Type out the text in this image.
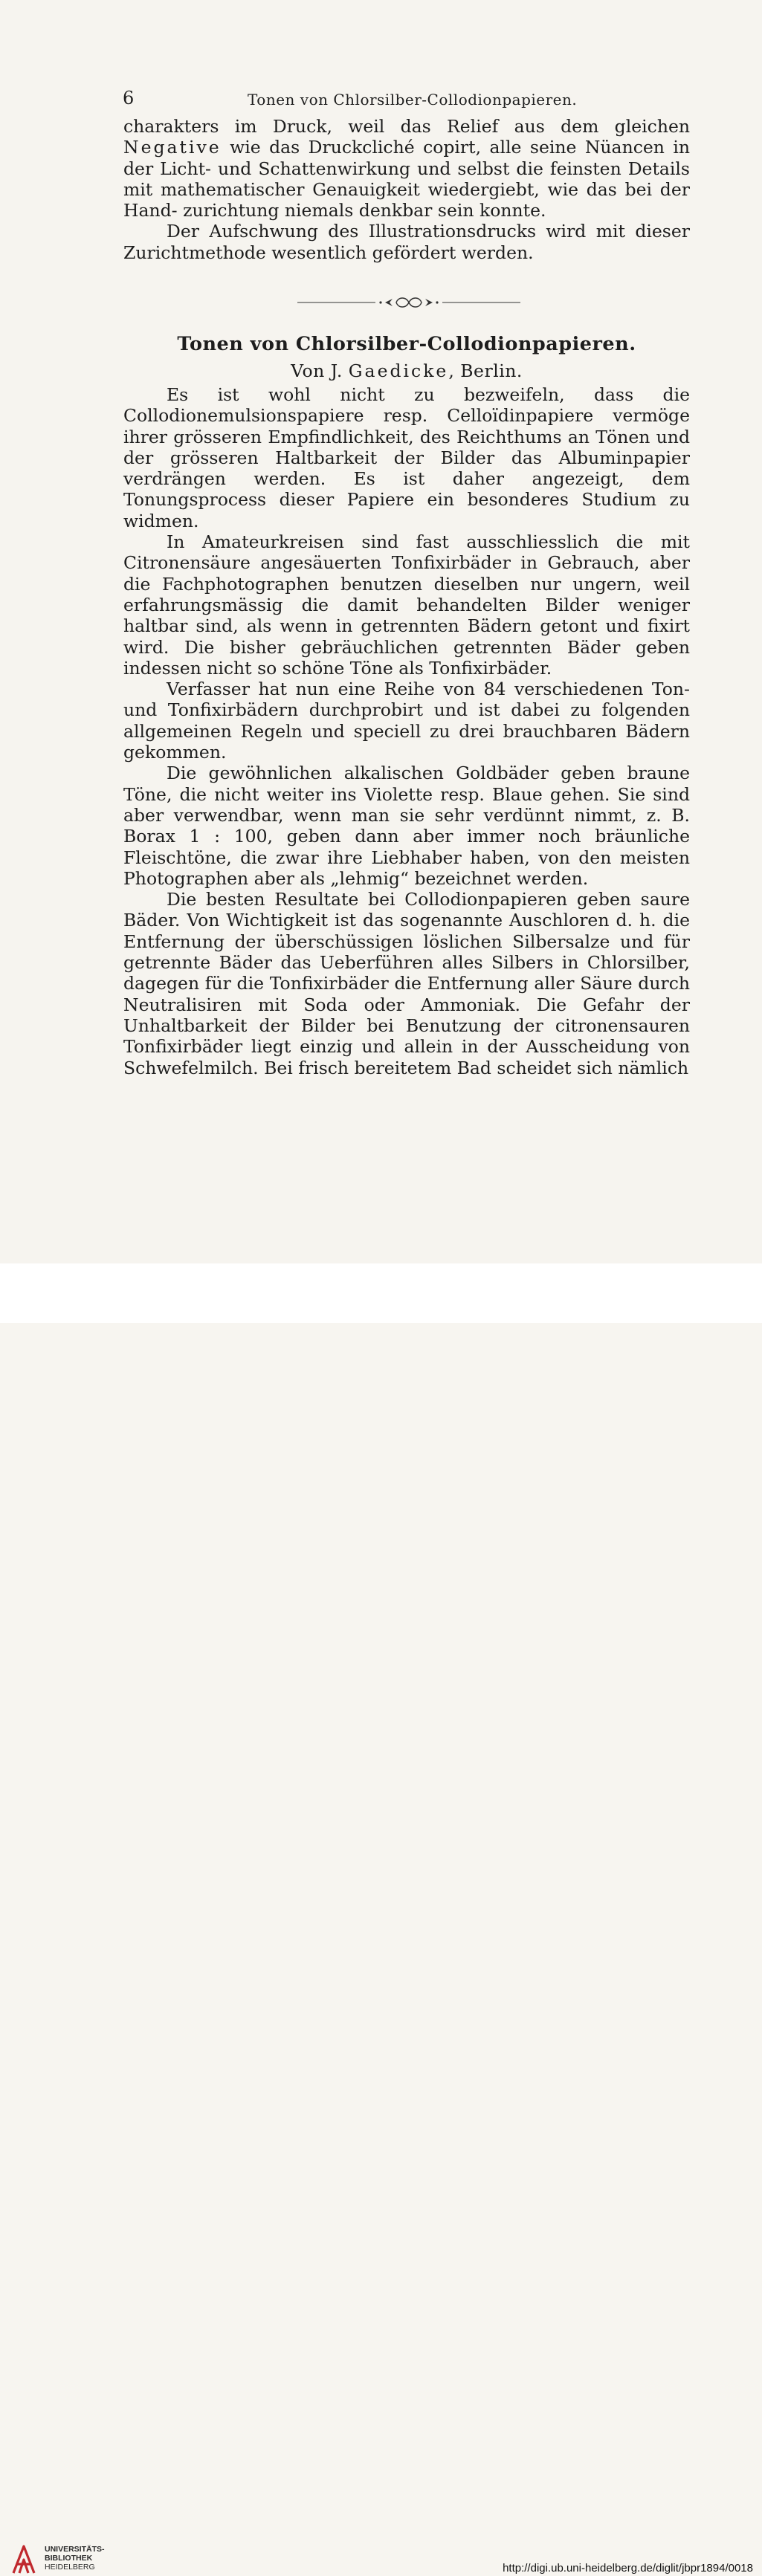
6	Tonen von Chlorsilber-Collodionpapieren.

charakters im Druck, weil das Relief aus dem gleichen Negative wie das Druckcliché copirt, alle seine Nüancen in der Licht- und Schattenwirkung und selbst die feinsten Details mit mathematischer Genauigkeit wiedergiebt, wie das bei der Hand- zurichtung niemals denkbar sein konnte.

Der Aufschwung des Illustrationsdrucks wird mit dieser Zurichtmethode wesentlich gefördert werden.

Tonen von Chlorsilber-Collodionpapieren.
Von J. Gaedicke, Berlin.

Es ist wohl nicht zu bezweifeln, dass die Collodionemulsionspapiere resp. Celloïdinpapiere vermöge ihrer grösseren Empfindlichkeit, des Reichthums an Tönen und der grösseren Haltbarkeit der Bilder das Albuminpapier verdrängen werden. Es ist daher angezeigt, dem Tonungsprocess dieser Papiere ein besonderes Studium zu widmen.

In Amateurkreisen sind fast ausschliesslich die mit Citronensäure angesäuerten Tonfixirbäder in Gebrauch, aber die Fachphotographen benutzen dieselben nur ungern, weil erfahrungsmässig die damit behandelten Bilder weniger haltbar sind, als wenn in getrennten Bädern getont und fixirt wird. Die bisher gebräuchlichen getrennten Bäder geben indessen nicht so schöne Töne als Tonfixirbäder.

Verfasser hat nun eine Reihe von 84 verschiedenen Ton- und Tonfixirbädern durchprobirt und ist dabei zu folgenden allgemeinen Regeln und speciell zu drei brauchbaren Bädern gekommen.

Die gewöhnlichen alkalischen Goldbäder geben braune Töne, die nicht weiter ins Violette resp. Blaue gehen. Sie sind aber verwendbar, wenn man sie sehr verdünnt nimmt, z. B. Borax 1 : 100, geben dann aber immer noch bräunliche Fleischtöne, die zwar ihre Liebhaber haben, von den meisten Photographen aber als „lehmig“ bezeichnet werden.

Die besten Resultate bei Collodionpapieren geben saure Bäder. Von Wichtigkeit ist das sogenannte Auschloren d. h. die Entfernung der überschüssigen löslichen Silbersalze und für getrennte Bäder das Ueberführen alles Silbers in Chlorsilber, dagegen für die Tonfixirbäder die Entfernung aller Säure durch Neutralisiren mit Soda oder Ammoniak. Die Gefahr der Unhaltbarkeit der Bilder bei Benutzung der citronensauren Tonfixirbäder liegt einzig und allein in der Ausscheidung von Schwefelmilch. Bei frisch bereitetem Bad scheidet sich nämlich

UNIVERSITÄTS-
BIBLIOTHEK
HEIDELBERG	http://digi.ub.uni-heidelberg.de/diglit/jbpr1894/0018
